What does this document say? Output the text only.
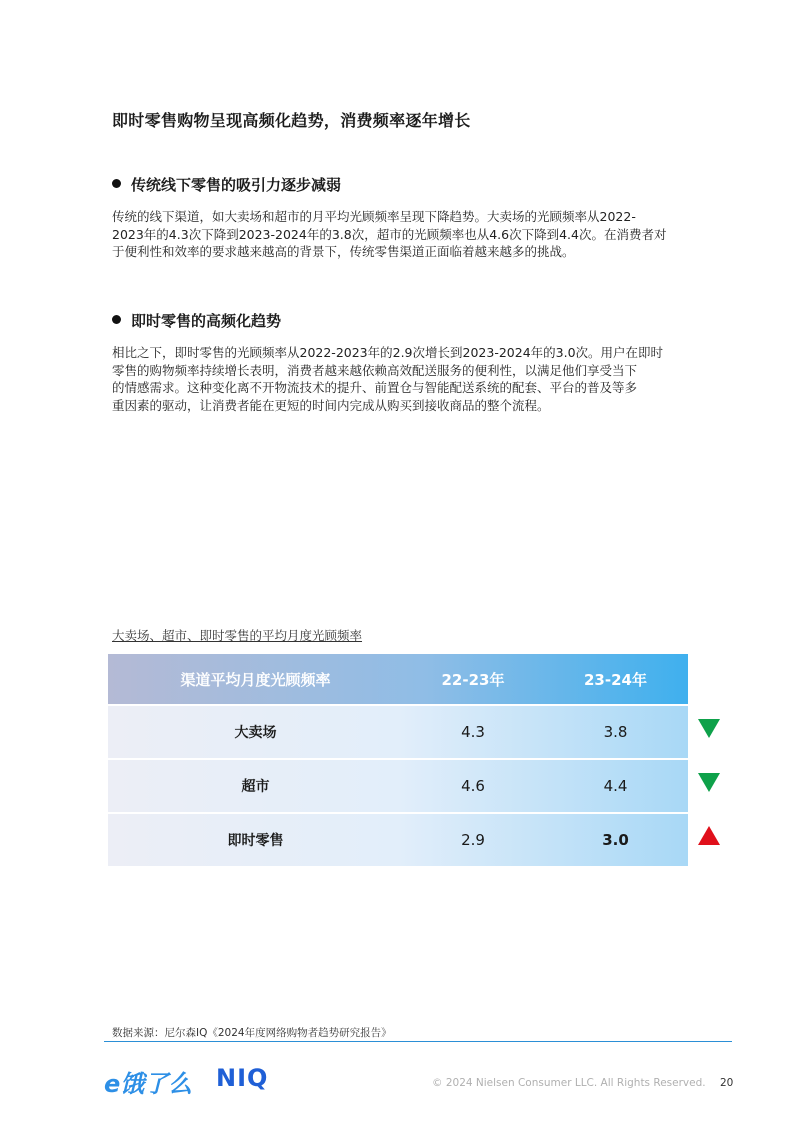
即时零售购物呈现高频化趋势，消费频率逐年增长
传统线下零售的吸引力逐步减弱
传统的线下渠道，如大卖场和超市的月平均光顾频率呈现下降趋势。大卖场的光顾频率从2022-
2023年的4.3次下降到2023-2024年的3.8次，超市的光顾频率也从4.6次下降到4.4次。在消费者对
于便利性和效率的要求越来越高的背景下，传统零售渠道正面临着越来越多的挑战。
即时零售的高频化趋势
相比之下，即时零售的光顾频率从2022-2023年的2.9次增长到2023-2024年的3.0次。用户在即时
零售的购物频率持续增长表明，消费者越来越依赖高效配送服务的便利性，以满足他们享受当下
的情感需求。这种变化离不开物流技术的提升、前置仓与智能配送系统的配套、平台的普及等多
重因素的驱动，让消费者能在更短的时间内完成从购买到接收商品的整个流程。
大卖场、超市、即时零售的平均月度光顾频率
渠道平均月度光顾频率	22-23年	23-24年
大卖场	4.3	3.8
超市	4.6	4.4
即时零售	2.9	3.0
数据来源：尼尔森IQ《2024年度网络购物者趋势研究报告》
e饿了么 NIQ	© 2024 Nielsen Consumer LLC. All Rights Reserved. 20
